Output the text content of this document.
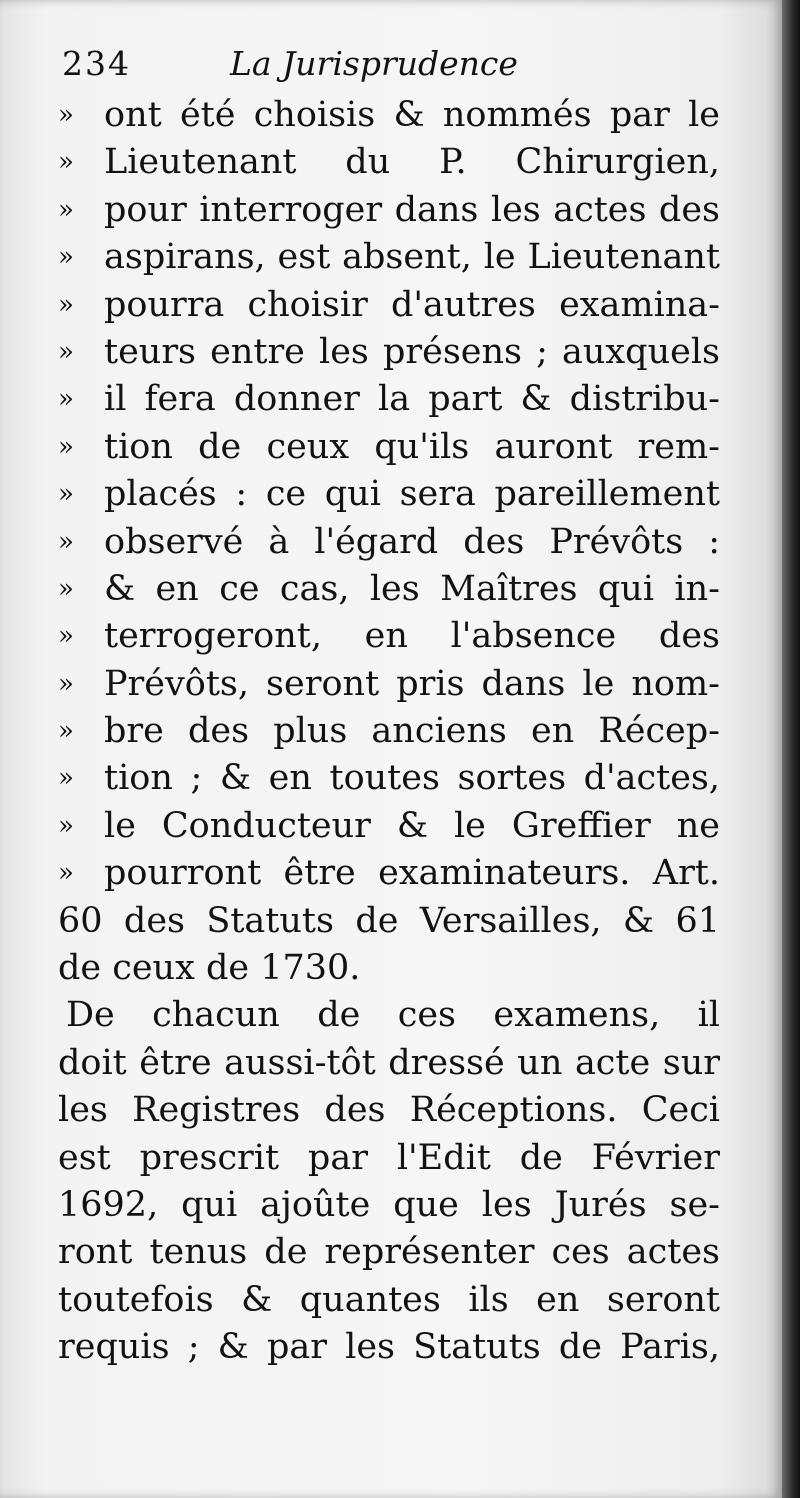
234	La Jurisprudence
» ont été choisis & nommés par le
» Lieutenant du P. Chirurgien,
» pour interroger dans les actes des
» aspirans, est absent, le Lieutenant
» pourra choisir d'autres examina-
» teurs entre les présens ; auxquels
» il fera donner la part & distribu-
» tion de ceux qu'ils auront rem-
» placés : ce qui sera pareillement
» observé à l'égard des Prévôts :
» & en ce cas, les Maîtres qui in-
» terrogeront, en l'absence des
» Prévôts, seront pris dans le nom-
» bre des plus anciens en Récep-
» tion ; & en toutes sortes d'actes,
» le Conducteur & le Greffier ne
» pourront être examinateurs. Art.
60 des Statuts de Versailles, & 61
de ceux de 1730.
De chacun de ces examens, il
doit être aussi-tôt dressé un acte sur
les Registres des Réceptions. Ceci
est prescrit par l'Edit de Février
1692, qui ajoûte que les Jurés se-
ront tenus de représenter ces actes
toutefois & quantes ils en seront
requis ; & par les Statuts de Paris,
